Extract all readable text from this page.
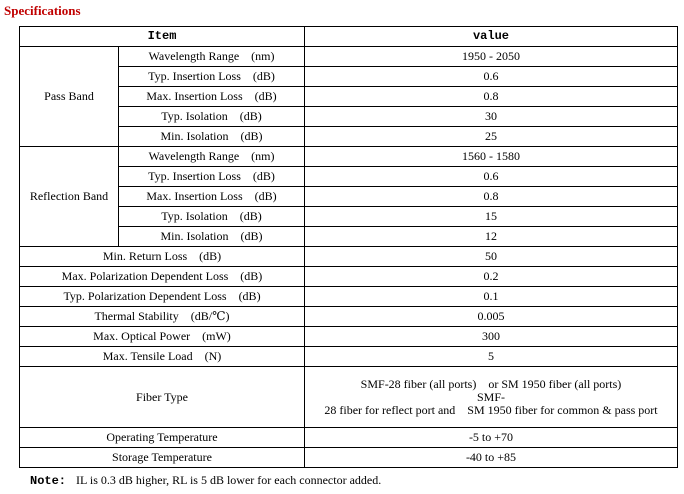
Specifications
Item		value
Pass Band	Wavelength Range　(nm)	1950 - 2050
	Typ. Insertion Loss　(dB)	0.6
	Max. Insertion Loss　(dB)	0.8
	Typ. Isolation　(dB)	30
	Min. Isolation　(dB)	25
Reflection Band	Wavelength Range　(nm)	1560 - 1580
	Typ. Insertion Loss　(dB)	0.6
	Max. Insertion Loss　(dB)	0.8
	Typ. Isolation　(dB)	15
	Min. Isolation　(dB)	12
Min. Return Loss　(dB)		50
Max. Polarization Dependent Loss　(dB)		0.2
Typ. Polarization Dependent Loss　(dB)		0.1
Thermal Stability　(dB/℃)		0.005
Max. Optical Power　(mW)		300
Max. Tensile Load　(N)		5
Fiber Type		SMF-28 fiber (all ports)　or SM 1950 fiber (all ports)
SMF-
28 fiber for reflect port and　SM 1950 fiber for common & pass port

Operating Temperature		-5 to +70
Storage Temperature		-40 to +85
Note: IL is 0.3 dB higher, RL is 5 dB lower for each connector added.
